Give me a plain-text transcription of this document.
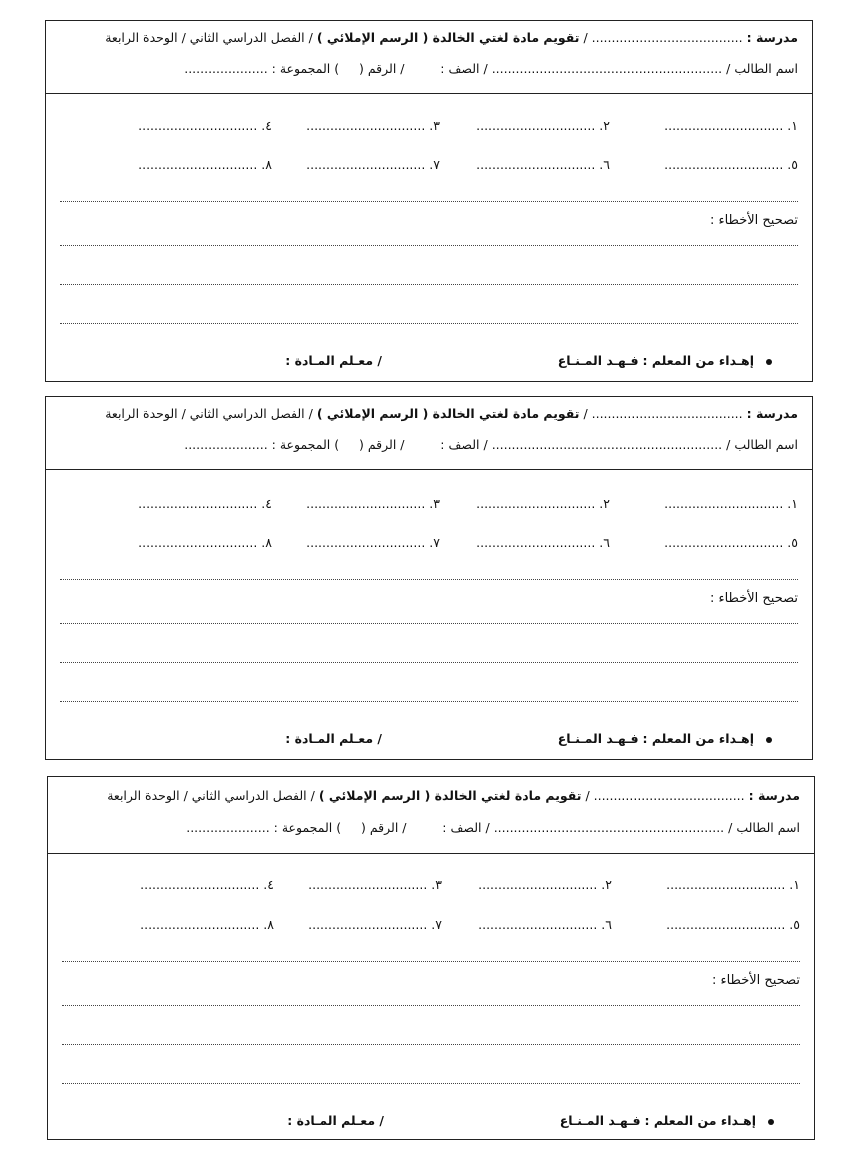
مدرسة : ...................................... / تقويم مادة لغتي الخالدة ( الرسم الإملائي ) / الفصل الدراسي الثاني / الوحدة الرابعة
اسم الطالب / .......................................................... / الصف :         / الرقم (     ) المجموعة : .....................
١. ..............................
٢. ..............................
٣. ..............................
٤. ..............................
٥. ..............................
٦. ..............................
٧. ..............................
٨. ..............................
تصحيح الأخطاء :
إهـداء من المعلم : فـهـد المـنـاع
/ معـلم المـادة :
مدرسة : ...................................... / تقويم مادة لغتي الخالدة ( الرسم الإملائي ) / الفصل الدراسي الثاني / الوحدة الرابعة
اسم الطالب / .......................................................... / الصف :         / الرقم (     ) المجموعة : .....................
١. ..............................
٢. ..............................
٣. ..............................
٤. ..............................
٥. ..............................
٦. ..............................
٧. ..............................
٨. ..............................
تصحيح الأخطاء :
إهـداء من المعلم : فـهـد المـنـاع
/ معـلم المـادة :
مدرسة : ...................................... / تقويم مادة لغتي الخالدة ( الرسم الإملائي ) / الفصل الدراسي الثاني / الوحدة الرابعة
اسم الطالب / .......................................................... / الصف :         / الرقم (     ) المجموعة : .....................
١. ..............................
٢. ..............................
٣. ..............................
٤. ..............................
٥. ..............................
٦. ..............................
٧. ..............................
٨. ..............................
تصحيح الأخطاء :
إهـداء من المعلم : فـهـد المـنـاع
/ معـلم المـادة :
